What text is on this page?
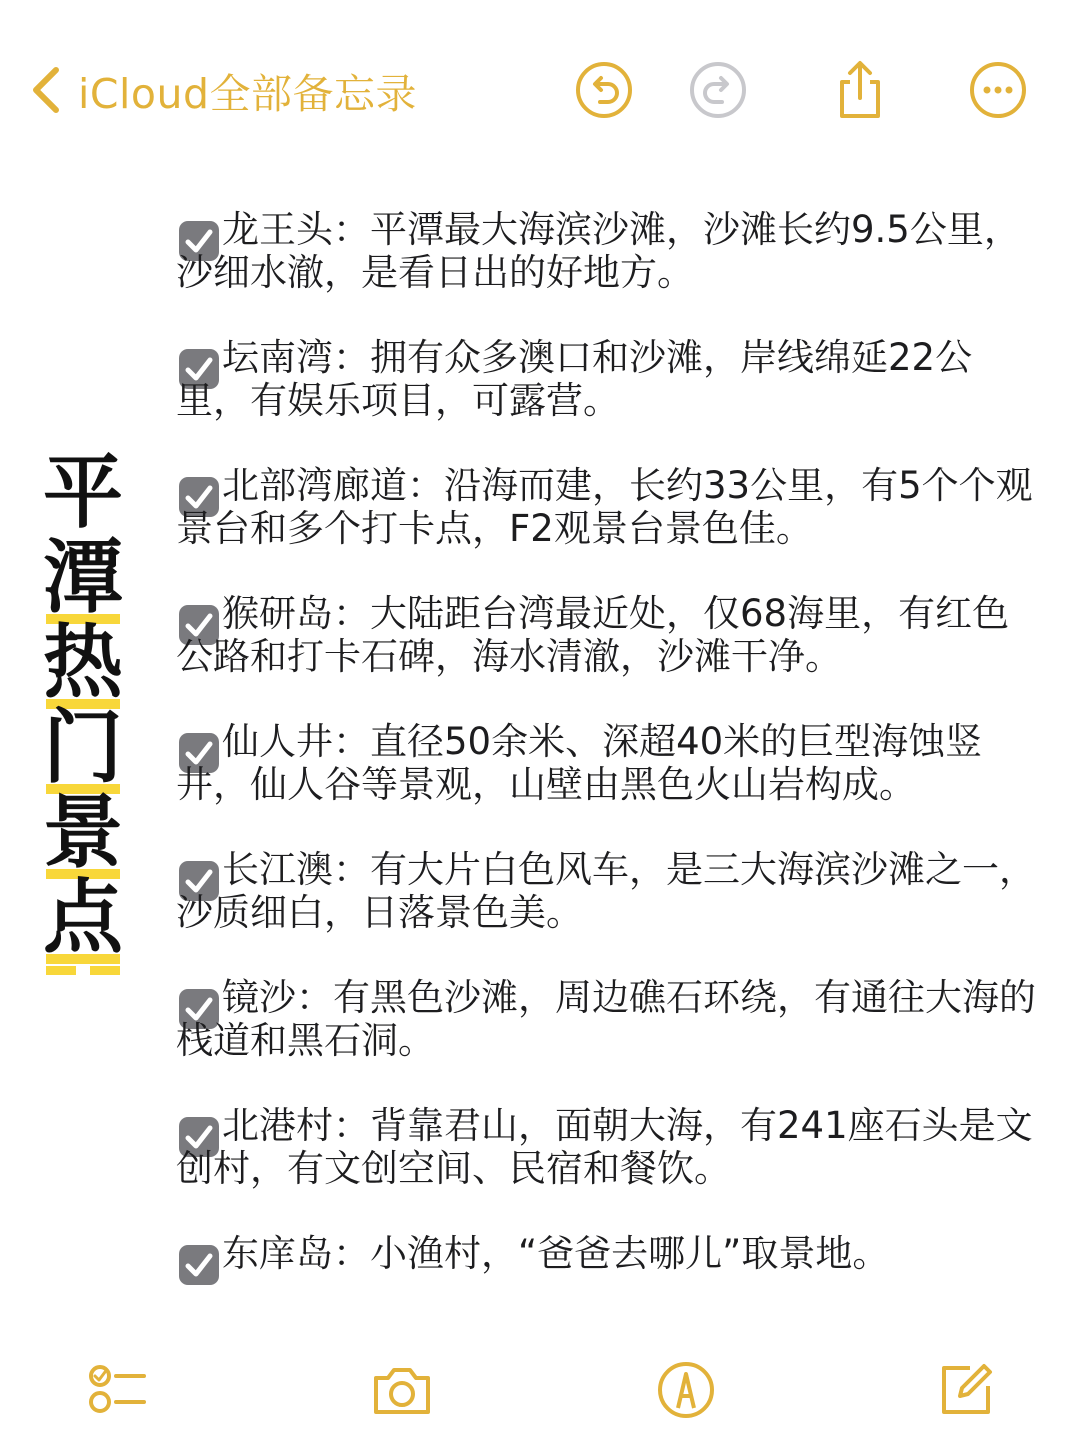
iCloud全部备忘录
平
潭
热
门
景
点
龙王头：平潭最大海滨沙滩，沙滩长约9.5公里，沙细水澈，是看日出的好地方。
坛南湾：拥有众多澳口和沙滩，岸线绵延22公里，有娱乐项目，可露营。
北部湾廊道：沿海而建，长约33公里，有5个个观景台和多个打卡点，F2观景台景色佳。
猴研岛：大陆距台湾最近处，仅68海里，有红色公路和打卡石碑，海水清澈，沙滩干净。
仙人井：直径50余米、深超40米的巨型海蚀竖井，仙人谷等景观，山壁由黑色火山岩构成。
长江澳：有大片白色风车，是三大海滨沙滩之一，沙质细白，日落景色美。
镜沙：有黑色沙滩，周边礁石环绕，有通往大海的栈道和黑石洞。
北港村：背靠君山，面朝大海，有241座石头是文创村，有文创空间、民宿和餐饮。
东庠岛：小渔村，“爸爸去哪儿”取景地。
